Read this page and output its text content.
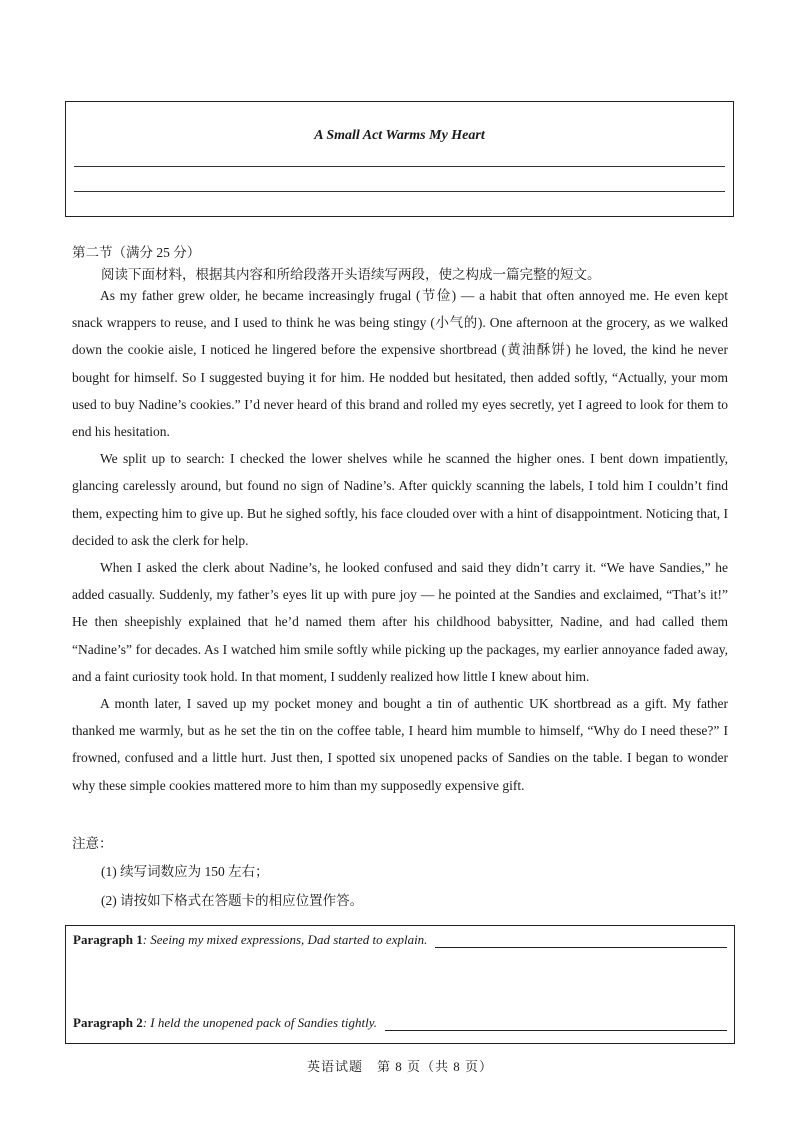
A Small Act Warms My Heart
第二节（满分 25 分）
阅读下面材料，根据其内容和所给段落开头语续写两段，使之构成一篇完整的短文。

As my father grew older, he became increasingly frugal (节俭) — a habit that often annoyed me. He even kept snack wrappers to reuse, and I used to think he was being stingy (小气的). One afternoon at the grocery, as we walked down the cookie aisle, I noticed he lingered before the expensive shortbread (黄油酥饼) he loved, the kind he never bought for himself. So I suggested buying it for him. He nodded but hesitated, then added softly, “Actually, your mom used to buy Nadine’s cookies.” I’d never heard of this brand and rolled my eyes secretly, yet I agreed to look for them to end his hesitation.

We split up to search: I checked the lower shelves while he scanned the higher ones. I bent down impatiently, glancing carelessly around, but found no sign of Nadine’s. After quickly scanning the labels, I told him I couldn’t find them, expecting him to give up. But he sighed softly, his face clouded over with a hint of disappointment. Noticing that, I decided to ask the clerk for help.

When I asked the clerk about Nadine’s, he looked confused and said they didn’t carry it. “We have Sandies,” he added casually. Suddenly, my father’s eyes lit up with pure joy — he pointed at the Sandies and exclaimed, “That’s it!” He then sheepishly explained that he’d named them after his childhood babysitter, Nadine, and had called them “Nadine’s” for decades. As I watched him smile softly while picking up the packages, my earlier annoyance faded away, and a faint curiosity took hold. In that moment, I suddenly realized how little I knew about him.

A month later, I saved up my pocket money and bought a tin of authentic UK shortbread as a gift. My father thanked me warmly, but as he set the tin on the coffee table, I heard him mumble to himself, “Why do I need these?” I frowned, confused and a little hurt. Just then, I spotted six unopened packs of Sandies on the table. I began to wonder why these simple cookies mattered more to him than my supposedly expensive gift.

注意：
(1) 续写词数应为 150 左右；
(2) 请按如下格式在答题卡的相应位置作答。
Paragraph 1 : Seeing my mixed expressions, Dad started to explain.
Paragraph 2 : I held the unopened pack of Sandies tightly.
英语试题　第 8 页（共 8 页）
